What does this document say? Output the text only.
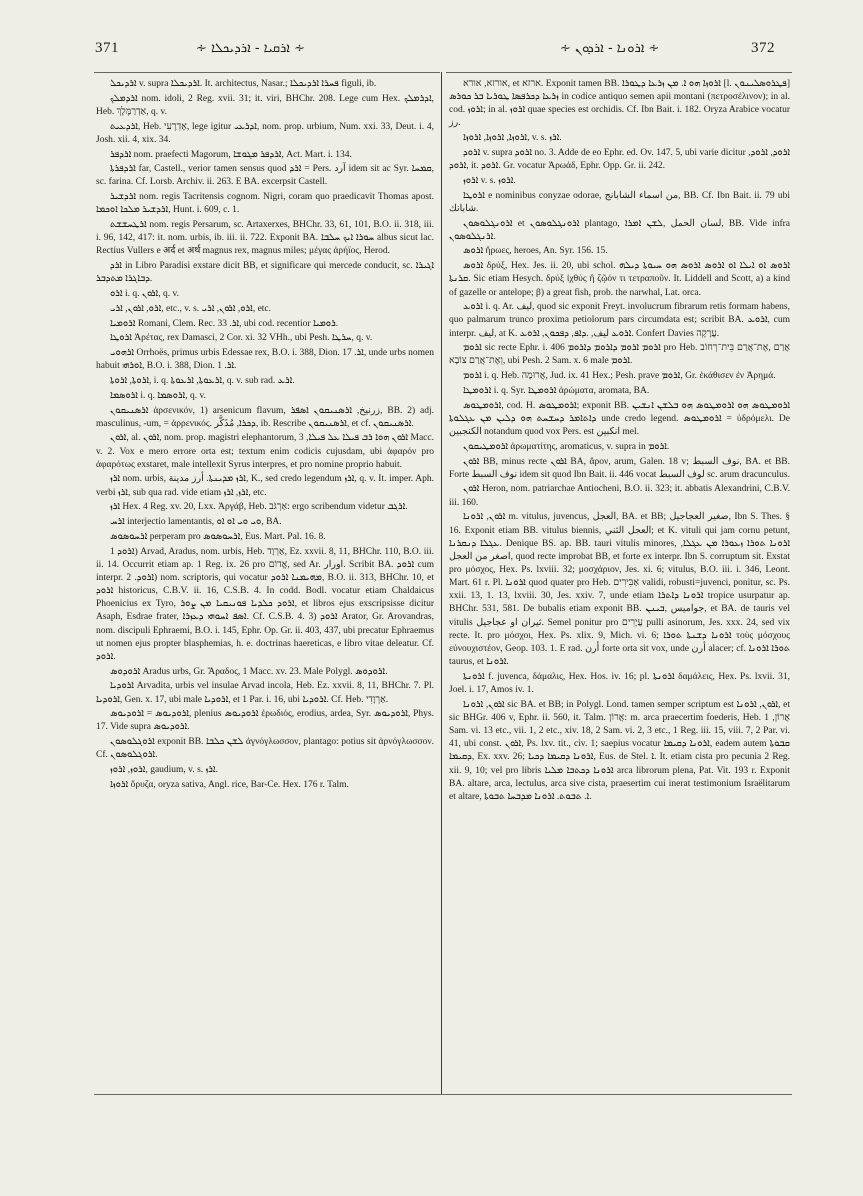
371	∻ ܐܪܩܝܐ - ܐܪܕܝܟܠܐ ∻	∻ ܐܪܘܢܐ - ܐܪܕܘܢ ∻	372

ܐܪܕܝܟܠ v. supra ܐܪܕܝܟܠܐ. It. architectus, Nasar.; ܦܚܪܐ ܐܪܕܝܟܠܐ figuli, ib.

ܐܪܕܡܠܟ nom. idoli, 2 Reg. xvii. 31; it. viri, BHChr. 208. Lege cum Hex. ܐܕܪܡܠܟ, Heb. אַדְרַמֶּלֶךְ, q. v.

ܐܪܕܥܝܬ, Heb. אֶדְרֶעִי, lege igitur ܐܕܪܥܝ, nom. prop. urbium, Num. xxi. 33, Deut. i. 4, Josh. xii. 4, xix. 34.

ܐܪܕܦܪ nom. praefecti Magorum, ܐܪܕܦܪ ܡܓܘܫܐ, Act. Mart. i. 134.

ܐܪܕܦܪܬܐ far, Castell., verior tamen sensus quod ܐܪܕ = Pers. آرد idem sit ac Syr. ܩܡܚܐ, sc. farina. Cf. Lorsb. Archiv. ii. 263. E BA. excerpsit Castell.

ܐܪܕܫܝܪ nom. regis Tacritensis cognom. Nigri, coram quo praedicavit Thomas apost. ܐܪܕܫܝܪ ܡܠܟܐ ܐܘܟܡܐ, Hunt. i. 609, c. 1.

ܐܪܛܚܫܫܬ nom. regis Persarum, sc. Artaxerxes, BHChr. 33, 61, 101, B.O. ii. 318, iii. i. 96, 142, 417: it. nom. urbis, ib. iii. ii. 722. Exponit BA. ܚܘܪܐ ܐܝܟ ܚܠܒܐ albus sicut lac. Rectius Vullers e अर्द et अर्थ magnus rex, magnus miles; μέγας ἀρήϊος, Herod.

ܐܪܕ in Libro Paradisi exstare dicit BB, et significare qui mercede conducit, sc. ܐܓܝܪܐ ܕܒܐܓܪܐ ܡܬܕܒܪ.

ܐܪܘ i. q. ܐܪܘܢ, q. v.

ܐܪܘ, ܐܪܘܢ, ܐܪܝ, etc., v. s. ܐܪܘ, ܐܪܘܢ, ܐܪܝ, etc.

ܐܪܘܡܝܐ Romani, Clem. Rec. ܐܪ. 33, ubi cod. recentior ܪܘܡܝܐ.

ܐܪܘܛܐ Ἀρέτας, rex Damasci, 2 Cor. xi. 32 VHh., ubi Pesh. ܚܪܛܐ, q. v.

ܐܪܗܘܝ Orrhoës, primus urbis Edessae rex, B.O. i. 388, Dion. ܐܪ. 17, unde urbs nomen habuit ܐܘܪܗܝ, B.O. i. 388, Dion. ܐܪ. 1.

ܐܪܘܬܐ, ܐܪܘܬܐ, i. q. ܐܪܥܘܬܐ, ܐܪܥܘܬܐ, q. v. sub rad. ܐܪܥ.

ܐܪܘܣܡܐ i. q. ܐܪܘܣܡܐ, q. v.

ܐܪܣܢܝܩܘܢ ἀρσενικόν, 1) arsenicum flavum, زرنيخ, ܐܪܣܢܝܩܘܢ ܐܣܦܪ, BB. 2) adj. masculinus, -um, = ἀρρενικός. ܕܟܪܐ, مُذَكَّر, ib. Rescribe ܐܪܣܢܝܩܘܢ, et cf. ܐܪܣܢܝܩܘܢ.

ܐܪܘܢ, al. ܐܪܘܢ, nom. prop. magistri elephantorum, ܐܪܘܢ ܗܘܐ ܪܒ ܦܝܠܐ ܥܠ ܦܝܠܐ, 3 Macc. v. 2. Vox e mero errore orta est; textum enim codicis cujusdam, ubi ἀφαρόν pro ἀφαρότως exstaret, male intellexit Syrus interpres, et pro nomine proprio habuit.

ܐܪܙ nom. urbis, ܐܪܙ ܡܕܝܢܬܐ. أرز مدينة, K., sed credo legendum ܐܪܙ, q. v. It. imper. Aph. verbi ܐܪܙ, sub qua rad. vide etiam ܐܪܙ, ܐܪܙ, etc.

ܐܪܙ Hex. 4 Reg. xv. 20, Lxx. Ἀργάβ, Heb. אַרְגֹּב: ergo scribendum videtur ܐܪܓܒ.

ܐܪܚ interjectio lamentantis, ܘܝ ܘܝ ܐܘ ܐܘ, BA.

ܐܪܚܘܣܘܣ perperam pro ܐܪܚܘܣܘܣ, Eus. Mart. Pal. 16. 8.

ܐܪܘܕ 1) Arvad, Aradus, nom. urbis, Heb. אַרְוָד, Ez. xxvii. 8, 11, BHChr. 110, B.O. iii. ii. 14. Occurrit etiam ap. 1 Reg. ix. 26 pro אֱדוֹם, sed Ar. اورار. Scribit BA. ܐܪܘܕ cum interpr. ܐܪܘܕ. 2) nom. scriptoris, qui vocatur ܡܗܝܡܢܐ ܐܪܘܕ, B.O. ii. 313, BHChr. 10, et ܐܪܘܕ historicus, C.B.V. ii. 16, C.S.B. 4. In codd. Bodl. vocatur etiam Chaldaicus Phoenicius ex Tyro, ܐܪܘܕ ܟܠܕܝܐ ܦܘܢܝܩܝܐ ܡܢ ܨܘܪ, et libros ejus exscripsisse dicitur Asaph, Esdrae frater, ܐܣܦ ܐܚܘܗܝ ܕܥܙܪܐ. Cf. C.S.B. 4. 3) ܐܪܘܕ Arator, Gr. Arovandras, nom. discipuli Ephraemi, B.O. i. 145, Ephr. Op. Gr. ii. 403, 437, ubi precatur Ephraemus ut nomen ejus propter blasphemias, h. e. doctrinas haereticas, e libro vitae deleatur. Cf. ܐܪܘܕ.

ܐܪܘܕܘܣ Aradus urbs, Gr. Ἄραδος, 1 Macc. xv. 23. Male Polygl. ܐܪܘܕܘܣ.

ܐܪܘܕܝܐ Arvadita, urbis vel insulae Arvad incola, Heb. Ez. xxvii. 8, 11, BHChr. 7. Pl. ܐܪܘܕܝܐ, Gen. x. 17, ubi male ܐܪܘܕܝܐ, et 1 Par. i. 16, ubi ܐܪܘܕܝܐ. Cf. Heb. אַרְוָדִי.

ܐܪܘܕܝܘܣ = ܐܪܘܕܝܘܣ, plenius ܐܪܘܕܝܘܣ ἐρωδιός, erodius, ardea, Syr. ܐܪܘܕܝܘܣ, Phys. 17. Vide supra ܐܪܘܕܝܘܣ.

ܐܪܘܓܠܘܣܘܢ exponit BB. ܠܫܢ ܟܠܒܐ ἀγνόγλωσσον, plantago: potius sit ἀρνόγλωσσον. Cf. ܐܪܘܓܠܘܣܘܢ.

ܐܪܘܙ, ܐܪܘܙ, gaudium, v. s. ܐܪܙ.

ܐܪܘܙܐ ὄρυζα, oryza sativa, Angl. rice, Bar-Ce. Hex. 176 r. Talm.

אורזא, אורא, et ארזא. Exponit tamen BB. ܐܪܘܙܐ ܗܘ ܐ. ܡܢ ܙܪܥܐ ܕܛܘܪܐ [l. ܦܛܪܘܣܠܝܢܘܢ] ܙܪܥܐ ܕܟܪܦܣܐ ܛܘܪܝܐ ܒܪ ܟܘܪܣ in codice antiquo semen apii montani (πετροσέλινον); in al. cod. ܐܪܘܙ; in al. ܐܪܘܙ quae species est orchidis. Cf. Ibn Bait. i. 182. Oryza Arabice vocatur رز.

ܐܪܘܙܐ, ܐܪܘܙܐ, ܐܪܘܙܐ, v. s. ܐܪܙ.

ܐܪܘܕ v. supra ܐܪܘܕ no. 3. Adde de eo Ephr. ed. Ov. 147. 5, ubi varie dicitur ܐܪܘܕ, ܐܪܘܕ, ܐܪܘܕ, it. ܐܪܘܕ. Gr. vocatur Ἀρωάδ, Ephr. Opp. Gr. ii. 242.

ܐܪܘܙ v. s. ܐܪܘܙ.

ܐܪܘܛܐ e nominibus conyzae odorae, من اسماء الشابانج, BB. Cf. Ibn Bait. ii. 79 ubi شابانك.

ܐܪܘܢܓܠܘܣܘܢ et ܐܪܘܢܓܠܘܣܘܢ plantago, لسان الحمل ,ܠܫܢ ܐܡܪܐ, BB. Vide infra ܐܪܢܓܠܘܣܘܢ.

ܐܪܘܣ ἥρωες, heroes, An. Syr. 156. 15.

ܐܪܘܣ δρύξ, Hex. Jes. ii. 20, ubi schol. ܐܪܘܣ ܐܘ ܐܝܠܐ ܐܘ ܐܪܘܣ ܐܪܘܣ ܗܘ ܚܝܘܬܐ ܕܝܠܗ ܩܪܢܬܐ. Sic etiam Hesych. δρύξ ἰχθύς ἢ ζῷόν τι τετραποῦν. It. Liddell and Scott, a) a kind of gazelle or antelope; β) a great fish, prob. the narwhal, Lat. orca.

ܐܪܘܥ i. q. Ar. ليف, quod sic exponit Freyt. involucrum fibrarum retis formam habens, quo palmarum trunco proxima petiolorum pars circumdata est; scribit BA. ܐܪܘܥ, cum interpr. ليف, at K. ܐܪܘܥ ليف, .ܕܐܦ, ܕܦܟܘܢ, ܐܪܘܥ. Confert Davies עֲרָקָה.

ܐܪܘܡ sic recte Ephr. i. 406 ܐܪܘܡ ܐܪܘܡ ܕܐܪܘܡ ܕܐܪܘܡ pro Heb. אֲרַם ,אֶת־אֲרַם בֵּית־רְחוֹב וְאֶת־אֲרַם צוֹבָא, ubi Pesh. 2 Sam. x. 6 male ܐܪܘܡ.

ܐܪܘܡ i. q. Heb. אֲרוּמָה, Jud. ix. 41 Hex.; Pesh. prave ܐܪܘܡ, Gr. ἐκάθισεν ἐν Ἀρημά.

ܐܪܘܡܛܐ i. q. Syr. ܐܪܘܡܛܐ ἀρώματα, aromata, BA.

ܐܪܘܡܛܘܣ, cod. H. ܐܪܘܡܛܘܣ; exponit BB. ܐܪܘܡܛܘܣ ܗܘ ܐܪܘܡܛܘܣ ܗܘ ܒܠܫܢ ܐܢܫܝܢ ܕܐܬܐܡܪ ܕܚܫܚܬ ܗܘ ܕܠܝܢ ܡܢ ܥܓܠܘܬܐ unde credo legend. ܐܪܘܡܛܘܣ = ὑδρόμελι. De الكنجبين notandum quod vox Pers. est انكبين mel.

ܐܪܘܡܛܝܩܘܢ ἀρωματίτης, aromaticus, v. supra in ܐܪܘܡ.

ܐܪܘܢ BB, minus recte ܐܪܘܢ BA, ἄρον, arum, Galen. 18 v; نوف السبط, BA. et BB. Forte نوف السبط idem sit quod Ibn Bait. ii. 446 vocat لوف السبط sc. arum dracunculus.

ܐܪܘܢ Heron, nom. patriarchae Antiocheni, B.O. ii. 323; it. abbatis Alexandrini, C.B.V. iii. 160.

ܐܪܘܢ, ܐܪܘܢܐ m. vitulus, juvencus, العجل, BA. et BB; صغير العجاجيل, Ibn S. Thes. § 16. Exponit etiam BB. vitulus biennis, العجل الثني; et K. vituli qui jam cornu petunt, ܥܓܠܐ ܕܢܩܪܢܐ. Denique BS. ap. BB. tauri vitulis minores, ܐܪܘܢܐ ܬܘܪܐ ܙܥܘܪܐ ܡܢ ܥܓܠܐ, اصغر من العجل, quod recte improbat BB, et forte ex interpr. Ibn S. corruptum sit. Exstat pro μόσχος, Hex. Ps. lxviii. 32; μοσχάριον, Jes. xi. 6; vitulus, B.O. iii. i. 346, Leont. Mart. 61 r. Pl. ܐܪܘܢܐ quod quater pro Heb. אַבִּירִים validi, robusti=juvenci, ponitur, sc. Ps. xxii. 13, 1. 13, lxviii. 30, Jes. xxiv. 7, unde etiam ܐܪܘܢܐ ܕܐܬܪܐ tropice usurpatur ap. BHChr. 531, 581. De bubalis etiam exponit BB. جواميس ,ܒܝܢܢ, et BA. de tauris vel vitulis ثيران او عجاجيل. Semel ponitur pro עֲיָרִים pulli asinorum, Jes. xxx. 24, sed vix recte. It. pro μόσχοι, Hex. Ps. xlix. 9, Mich. vi. 6; ܐܪܘܢܐ ܕܫܢܬܐ ܬܘܪܐ τοὺς μόσχους εὐνουχιστέον, Geop. 103. 1. E rad. أرن forte orta sit vox, unde أرن alacer; cf. ܬܘܪܐ ܐܪܘܢܐ taurus, et ܐܪܘܢܐ.

ܐܪܘܢܬܐ f. juvenca, δάμαλις, Hex. Hos. iv. 16; pl. ܐܪܘܢܬܐ δαμάλεις, Hex. Ps. lxvii. 31, Joel. i. 17, Amos iv. 1.

ܐܪܘܢ, ܐܪܘܢܐ sic BA. et BB; in Polygl. Lond. tamen semper scriptum est ܐܪܘܢ, ܐܪܘܢܐ, et sic BHGr. 406 v, Ephr. ii. 560, it. Talm. אֲרוֹן: m. arca praecertim foederis, Heb. אֲרוֹן, 1 Sam. vi. 13 etc., vii. 1, 2 etc., xiv. 18, 2 Sam. vi. 2, 3 etc., 1 Reg. iii. 15, viii. 7, 2 Par. vi. 41, ubi const. ܐܪܘܢ, Ps. lxv. tit., civ. 1; saepius vocatur ܐܪܘܢܐ ܕܩܝܡܐ, eadem autem ܩܒܘܬܐ ܕܩܝܡܐ, Ex. xxv. 26; ܐܪܘܢܐ ܕܩܝܡܐ ܕܟܝܐ, Eus. de Stel. ܐ. It. etiam cista pro pecunia 2 Reg. xii. 9, 10; vel pro libris ܐܪܘܢܐ ܕܟܬܒܐ ܡܠܝܐ arca librorum plena, Pat. Vit. 193 r. Exponit BA. altare, arca, lectulus, arca sive cista, praesertim cui inerat testimonium Israëlitarum et altare, ܐ. ܬܒܘܬ. ܐܪܘܢܐ ܡܕܒܚܐ ܬܒܘܬܐ.
